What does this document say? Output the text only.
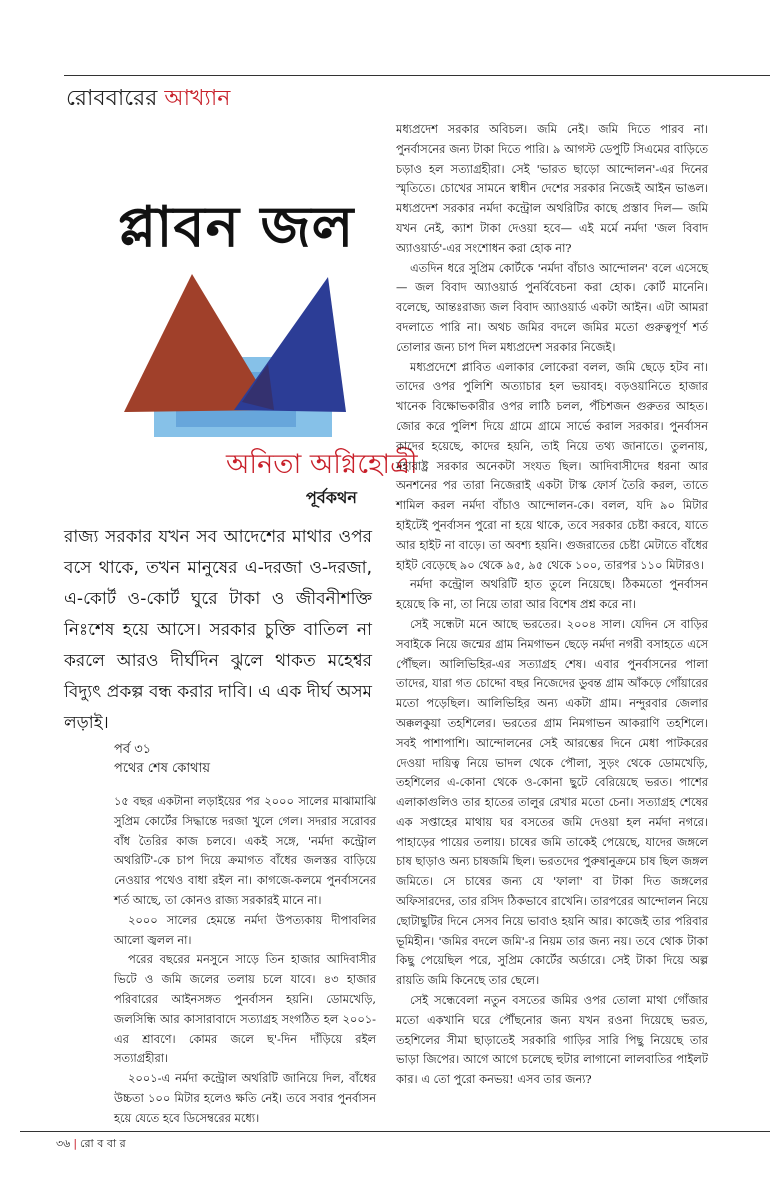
রোববারের আখ্যান
প্লাবন জল
অনিতা অগ্নিহোত্রী
পূর্বকথন
রাজ্য সরকার যখন সব আদেশের মাথার ওপর বসে থাকে, তখন মানুষের এ-দরজা ও-দরজা, এ-কোর্ট ও-কোর্ট ঘুরে টাকা ও জীবনীশক্তি নিঃশেষ হয়ে আসে। সরকার চুক্তি বাতিল না করলে আরও দীর্ঘদিন ঝুলে থাকত মহেশ্বর বিদ্যুৎ প্রকল্প বন্ধ করার দাবি। এ এক দীর্ঘ অসম লড়াই।
পর্ব ৩১
পথের শেষ কোথায়

১৫ বছর একটানা লড়াইয়ের পর ২০০০ সালের মাঝামাঝি সুপ্রিম কোর্টের সিদ্ধান্তে দরজা খুলে গেল। সদরার সরোবর বাঁধ তৈরির কাজ চলবে। একই সঙ্গে, 'নর্মদা কন্ট্রোল অথরিটি'-কে চাপ দিয়ে ক্রমাগত বাঁধের জলস্তর বাড়িয়ে নেওয়ার পথেও বাধা রইল না। কাগজে-কলমে পুনর্বাসনের শর্ত আছে, তা কোনও রাজ্য সরকারই মানে না।

২০০০ সালের হেমন্তে নর্মদা উপত্যকায় দীপাবলির আলো জ্বলল না।

পরের বছরের মনসুনে সাড়ে তিন হাজার আদিবাসীর ভিটে ও জমি জলের তলায় চলে যাবে। ৪৩ হাজার পরিবারের আইনসঙ্গত পুনর্বাসন হয়নি। ডোমখেড়ি, জলসিন্ধি আর কাসারাবাদে সত্যাগ্রহ সংগঠিত হল ২০০১-এর শ্রাবণে। কোমর জলে ছ'-দিন দাঁড়িয়ে রইল সত্যাগ্রহীরা।

২০০১-এ নর্মদা কন্ট্রোল অথরিটি জানিয়ে দিল, বাঁধের উচ্চতা ১০০ মিটার হলেও ক্ষতি নেই। তবে সবার পুনর্বাসন হয়ে যেতে হবে ডিসেম্বরের মধ্যে।

মধ্যপ্রদেশ সরকার অবিচল। জমি নেই। জমি দিতে পারব না। পুনর্বাসনের জন্য টাকা দিতে পারি। ৯ আগস্ট ডেপুটি সিএমের বাড়িতে চড়াও হল সত্যাগ্রহীরা। সেই 'ভারত ছাড়ো আন্দোলন'-এর দিনের স্মৃতিতে। চোখের সামনে স্বাধীন দেশের সরকার নিজেই আইন ভাঙল। মধ্যপ্রদেশ সরকার নর্মদা কন্ট্রোল অথরিটির কাছে প্রস্তাব দিল— জমি যখন নেই, ক্যাশ টাকা দেওয়া হবে— এই মর্মে নর্মদা 'জল বিবাদ অ্যাওয়ার্ড'-এর সংশোধন করা হোক না?

এতদিন ধরে সুপ্রিম কোর্টকে 'নর্মদা বাঁচাও আন্দোলন' বলে এসেছে— জল বিবাদ অ্যাওয়ার্ড পুনর্বিবেচনা করা হোক। কোর্ট মানেনি। বলেছে, আন্তঃরাজ্য জল বিবাদ অ্যাওয়ার্ড একটা আইন। এটা আমরা বদলাতে পারি না। অথচ জমির বদলে জমির মতো গুরুত্বপূর্ণ শর্ত তোলার জন্য চাপ দিল মধ্যপ্রদেশ সরকার নিজেই।

মধ্যপ্রদেশে প্লাবিত এলাকার লোকেরা বলল, জমি ছেড়ে হটব না। তাদের ওপর পুলিশি অত্যাচার হল ভয়াবহ। বড়ওয়ানিতে হাজার খানেক বিক্ষোভকারীর ওপর লাঠি চলল, পঁচিশজন গুরুতর আহত। জোর করে পুলিশ দিয়ে গ্রামে গ্রামে সার্ভে করাল সরকার। পুনর্বাসন কাদের হয়েছে, কাদের হয়নি, তাই নিয়ে তথ্য জানাতে। তুলনায়, মহারাষ্ট্র সরকার অনেকটা সংযত ছিল। আদিবাসীদের ধরনা আর অনশনের পর তারা নিজেরাই একটা টাস্ক ফোর্স তৈরি করল, তাতে শামিল করল নর্মদা বাঁচাও আন্দোলন-কে। বলল, যদি ৯০ মিটার হাইটেই পুনর্বাসন পুরো না হয়ে থাকে, তবে সরকার চেষ্টা করবে, যাতে আর হাইট না বাড়ে। তা অবশ্য হয়নি। গুজরাতের চেষ্টা মেটাতে বাঁধের হাইট বেড়েছে ৯০ থেকে ৯৫, ৯৫ থেকে ১০০, তারপর ১১০ মিটারও।

নর্মদা কন্ট্রোল অথরিটি হাত তুলে নিয়েছে। ঠিকমতো পুনর্বাসন হয়েছে কি না, তা নিয়ে তারা আর বিশেষ প্রশ্ন করে না।

সেই সন্ধেটা মনে আছে ভরতের। ২০০৪ সাল। যেদিন সে বাড়ির সবাইকে নিয়ে জন্মের গ্রাম নিমগাভন ছেড়ে নর্মদা নগরী বসাহতে এসে পৌঁছল। আলিভিহির-এর সত্যাগ্রহ শেষ। এবার পুনর্বাসনের পালা তাদের, যারা গত চোদ্দো বছর নিজেদের ডুবন্ত গ্রাম আঁকড়ে গোঁয়ারের মতো পড়েছিল। আলিভিহির অন্য একটা গ্রাম। নন্দুরবার জেলার অক্কলকুয়া তহশিলের। ভরতের গ্রাম নিমগাভন আকরাণি তহশিলে। সবই পাশাপাশি। আন্দোলনের সেই আরম্ভের দিনে মেধা পাটকরের দেওয়া দায়িত্ব নিয়ে ভাদল থেকে পৌলা, সুড়ং থেকে ডোমখেড়ি, তহশিলের এ-কোনা থেকে ও-কোনা ছুটে বেরিয়েছে ভরত। পাশের এলাকাগুলিও তার হাতের তালুর রেখার মতো চেনা। সত্যাগ্রহ শেষের এক সপ্তাহের মাথায় ঘর বসতের জমি দেওয়া হল নর্মদা নগরে। পাহাড়ের পায়ের তলায়। চাষের জমি তাকেই পেয়েছে, যাদের জঙ্গলে চাষ ছাড়াও অন্য চাষজমি ছিল। ভরতদের পুরুষানুক্রমে চাষ ছিল জঙ্গল জমিতে। সে চাষের জন্য যে 'ফালা' বা টাকা দিত জঙ্গলের অফিসারদের, তার রসিদ ঠিকভাবে রাখেনি। তারপরের আন্দোলন নিয়ে ছোটাছুটির দিনে সেসব নিয়ে ভাবাও হয়নি আর। কাজেই তার পরিবার ভূমিহীন। 'জমির বদলে জমি'-র নিয়ম তার জন্য নয়। তবে থোক টাকা কিছু পেয়েছিল পরে, সুপ্রিম কোর্টের অর্ডারে। সেই টাকা দিয়ে অল্প রায়তি জমি কিনেছে তার ছেলে।

সেই সন্ধেবেলা নতুন বসতের জমির ওপর তোলা মাথা গোঁজার মতো একখানি ঘরে পৌঁছনোর জন্য যখন রওনা দিয়েছে ভরত, তহশিলের সীমা ছাড়াতেই সরকারি গাড়ির সারি পিছু নিয়েছে তার ভাড়া জিপের। আগে আগে চলেছে হুটার লাগানো লালবাতির পাইলট কার। এ তো পুরো কনভয়! এসব তার জন্য?

৩৬ | রো ব বা র
